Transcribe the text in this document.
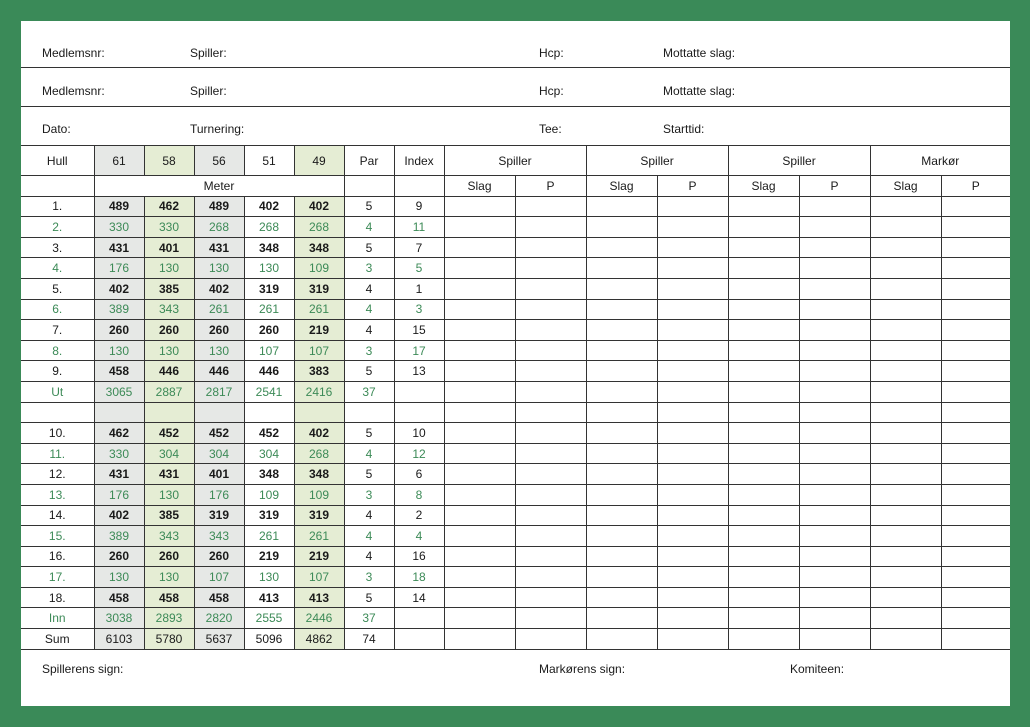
Medlemsnr:	Spiller:	Hcp:	Mottatte slag:
Medlemsnr:	Spiller:	Hcp:	Mottatte slag:
Dato:	Turnering:	Tee:	Starttid:
Hull	61	58	56	51	49	Par	Index	Spiller		Spiller		Spiller		Markør	
	Meter							Slag	P	Slag	P	Slag	P	Slag	P
1.	489	462	489	402	402	5	9								
2.	330	330	268	268	268	4	11								
3.	431	401	431	348	348	5	7								
4.	176	130	130	130	109	3	5								
5.	402	385	402	319	319	4	1								
6.	389	343	261	261	261	4	3								
7.	260	260	260	260	219	4	15								
8.	130	130	130	107	107	3	17								
9.	458	446	446	446	383	5	13								
Ut	3065	2887	2817	2541	2416	37									

10.	462	452	452	452	402	5	10								
11.	330	304	304	304	268	4	12								
12.	431	431	401	348	348	5	6								
13.	176	130	176	109	109	3	8								
14.	402	385	319	319	319	4	2								
15.	389	343	343	261	261	4	4								
16.	260	260	260	219	219	4	16								
17.	130	130	107	130	107	3	18								
18.	458	458	458	413	413	5	14								
Inn	3038	2893	2820	2555	2446	37									
Sum	6103	5780	5637	5096	4862	74									
Spillerens sign:	Markørens sign:	Komiteen:
